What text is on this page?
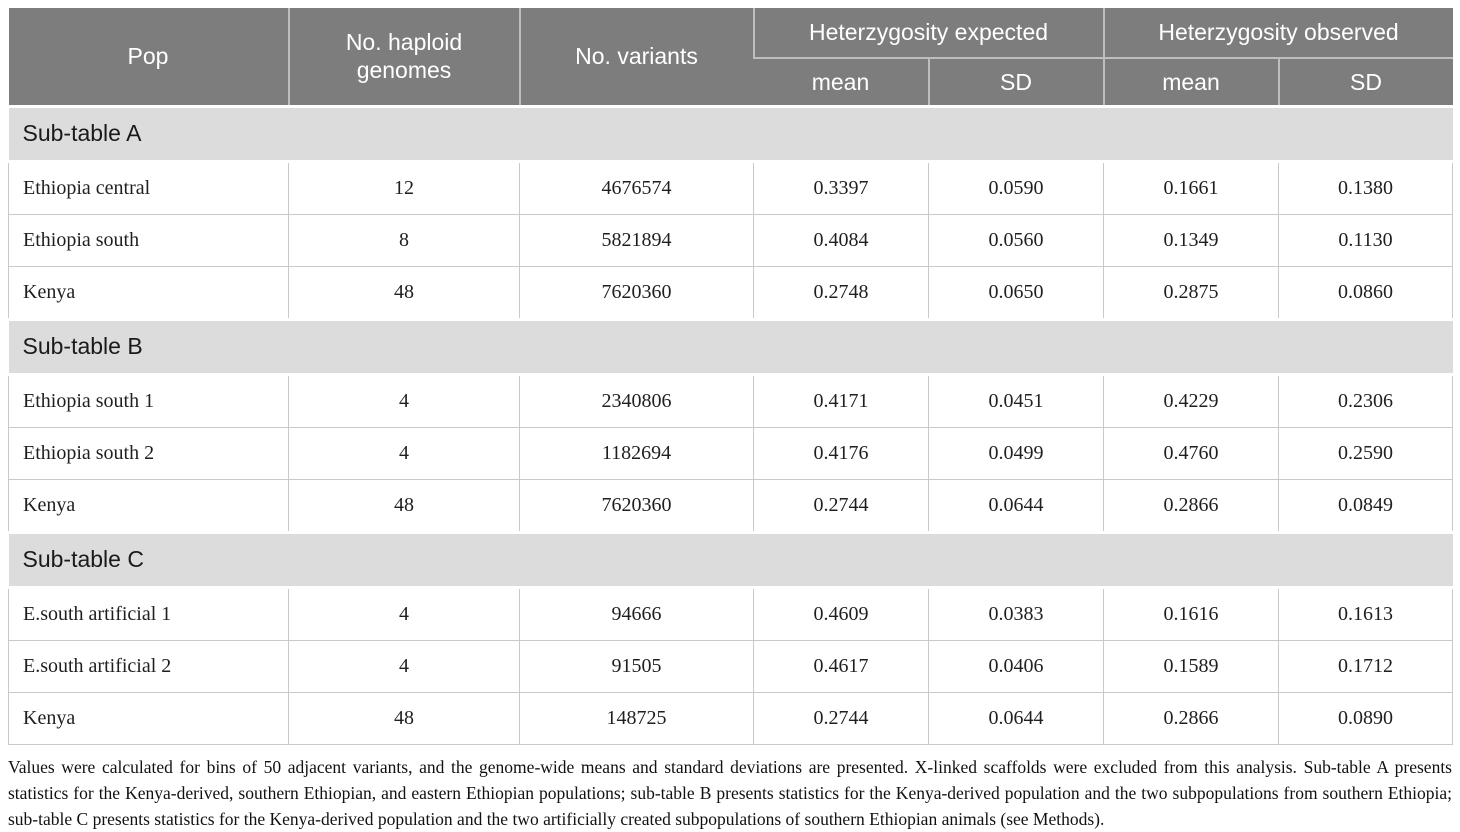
Pop	No. haploid genomes	No. variants	Heterzygosity expected		Heterzygosity observed	
			mean	SD	mean	SD
Sub-table A						
Ethiopia central	12	4676574	0.3397	0.0590	0.1661	0.1380
Ethiopia south	8	5821894	0.4084	0.0560	0.1349	0.1130
Kenya	48	7620360	0.2748	0.0650	0.2875	0.0860
Sub-table B						
Ethiopia south 1	4	2340806	0.4171	0.0451	0.4229	0.2306
Ethiopia south 2	4	1182694	0.4176	0.0499	0.4760	0.2590
Kenya	48	7620360	0.2744	0.0644	0.2866	0.0849
Sub-table C						
E.south artificial 1	4	94666	0.4609	0.0383	0.1616	0.1613
E.south artificial 2	4	91505	0.4617	0.0406	0.1589	0.1712
Kenya	48	148725	0.2744	0.0644	0.2866	0.0890

Values were calculated for bins of 50 adjacent variants, and the genome-wide means and standard deviations are presented. X-linked scaffolds were excluded from this analysis. Sub-table A presents statistics for the Kenya-derived, southern Ethiopian, and eastern Ethiopian populations; sub-table B presents statistics for the Kenya-derived population and the two subpopulations from southern Ethiopia; sub-table C presents statistics for the Kenya-derived population and the two artificially created subpopulations of southern Ethiopian animals (see Methods).
